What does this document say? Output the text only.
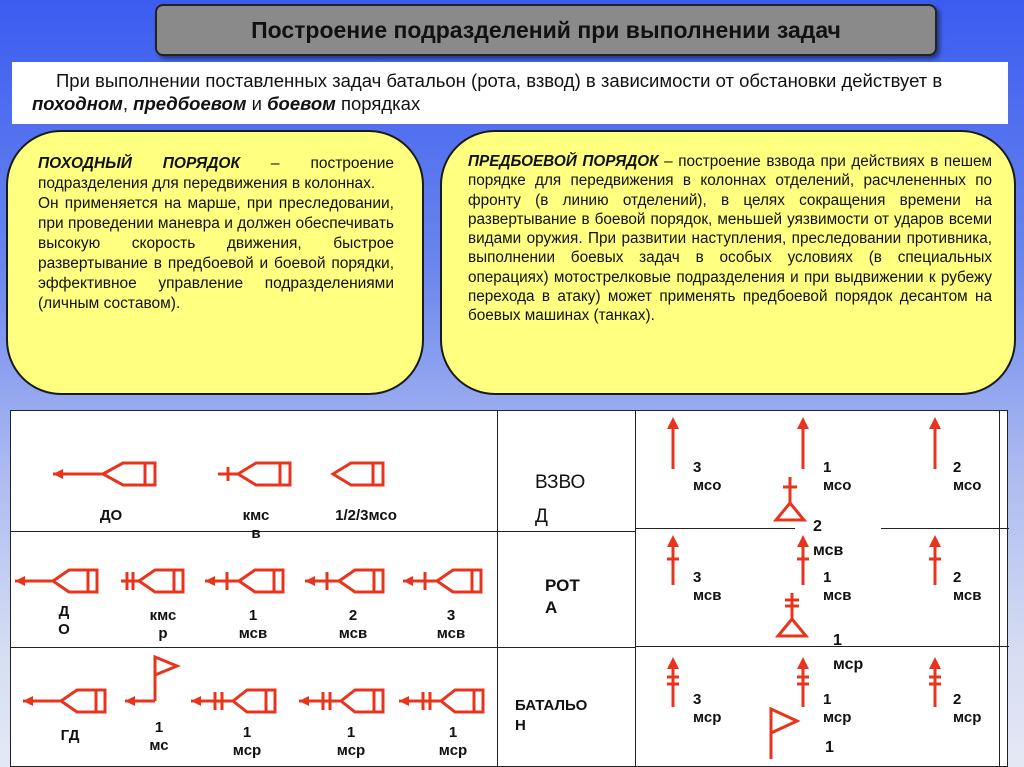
Построение подразделений при выполнении задач
При выполнении поставленных задач батальон (рота, взвод) в зависимости от обстановки действует в походном, предбоевом и боевом порядках
ПОХОДНЫЙ ПОРЯДОК – построение подразделения для передвижения в колоннах.
Он применяется на марше, при преследовании, при проведении маневра и должен обеспечивать высокую скорость движения, быстрое развертывание в предбоевой и боевой порядки, эффективное управление подразделениями (личным составом).
ПРЕДБОЕВОЙ ПОРЯДОК – построение взвода при действиях в пешем порядке для передвижения в колоннах отделений, расчлененных по фронту (в линию отделений), в целях сокращения времени на развертывание в боевой порядок, меньшей уязвимости от ударов всеми видами оружия. При развитии наступления, преследовании противника, выполнении боевых задач в особых условиях (в специальных операциях) мотострелковые подразделения и при выдвижении к рубежу перехода в атаку) может применять предбоевой порядок десантом на боевых машинах (танках).
ДО	кмс
в
1/2/3мсо
Д
О
кмс
р
1
мсв
2
мсв
3
мсв
ГД	1
мс
1
мср
1
мср
1
мср
ВЗВО
Д
РОТ
А
БАТАЛЬО
Н
3
мсо
1
мсо
2
мсо
2
мсв
3
мсв
1
мсв
2
мсв
1
мср
3
мср
1
мср
2
мср
1
